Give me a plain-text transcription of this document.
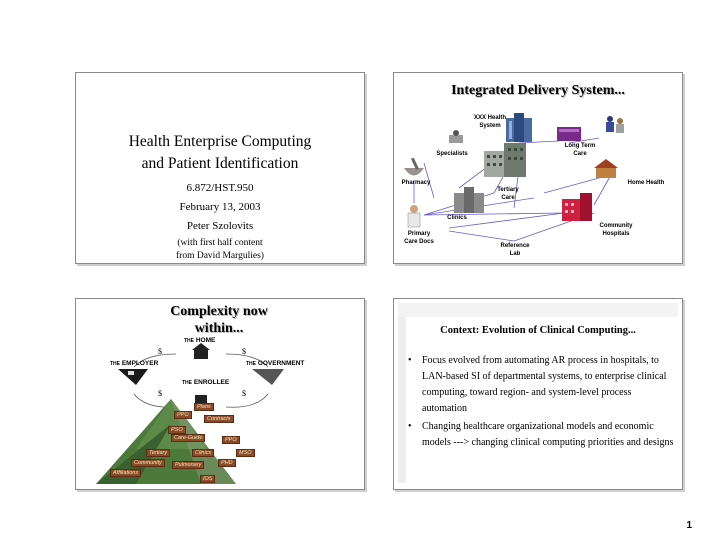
Health Enterprise Computing
and Patient Identification
6.872/HST.950
February 13, 2003
Peter Szolovits
(with first half content
from David Margulies)
Integrated Delivery System...
XXX Health System
Specialists
Long Term Care
Pharmacy
Tertiary Care
Home Health
Clinics
Community Hospitals
Primary Care Docs
Reference Lab
Complexity now
within...
THE HOME
$	$
THE EMPLOYER	THE GOVERNMENT
THE ENROLLEE
$	$
Plans
PPO
Contracts
PSO
Care-Guide	PPO
Tertiary	Clinics	MSO
Community	Pulmonary	PHD
Affiliations
IOS
Context: Evolution of Clinical Computing...
• Focus evolved from automating AR process in hospitals, to LAN-based SI of departmental systems, to enterprise clinical computing, toward region- and system-level process automation
• Changing healthcare organizational models and economic models ---> changing clinical computing priorities and designs
1
